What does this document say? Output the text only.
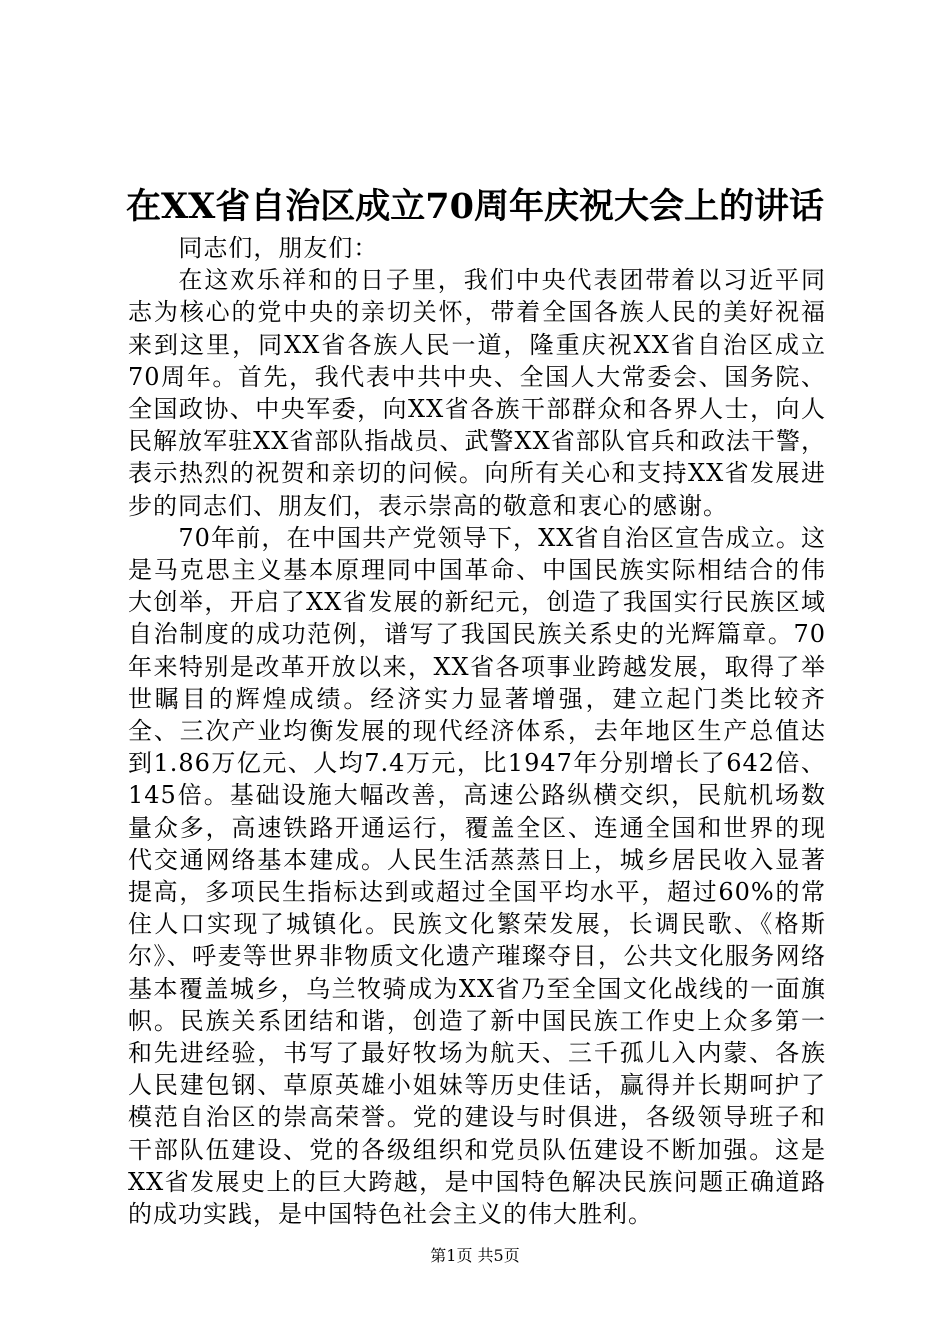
在XX省自治区成立70周年庆祝大会上的讲话

同志们，朋友们：

在这欢乐祥和的日子里，我们中央代表团带着以习近平同志为核心的党中央的亲切关怀，带着全国各族人民的美好祝福来到这里，同XX省各族人民一道，隆重庆祝XX省自治区成立70周年。首先，我代表中共中央、全国人大常委会、国务院、全国政协、中央军委，向XX省各族干部群众和各界人士，向人民解放军驻XX省部队指战员、武警XX省部队官兵和政法干警，表示热烈的祝贺和亲切的问候。向所有关心和支持XX省发展进步的同志们、朋友们，表示崇高的敬意和衷心的感谢。

70年前，在中国共产党领导下，XX省自治区宣告成立。这是马克思主义基本原理同中国革命、中国民族实际相结合的伟大创举，开启了XX省发展的新纪元，创造了我国实行民族区域自治制度的成功范例，谱写了我国民族关系史的光辉篇章。70年来特别是改革开放以来，XX省各项事业跨越发展，取得了举世瞩目的辉煌成绩。经济实力显著增强，建立起门类比较齐全、三次产业均衡发展的现代经济体系，去年地区生产总值达到1.86万亿元、人均7.4万元，比1947年分别增长了642倍、145倍。基础设施大幅改善，高速公路纵横交织，民航机场数量众多，高速铁路开通运行，覆盖全区、连通全国和世界的现代交通网络基本建成。人民生活蒸蒸日上，城乡居民收入显著提高，多项民生指标达到或超过全国平均水平，超过60%的常住人口实现了城镇化。民族文化繁荣发展，长调民歌、《格斯尔》、呼麦等世界非物质文化遗产璀璨夺目，公共文化服务网络基本覆盖城乡，乌兰牧骑成为XX省乃至全国文化战线的一面旗帜。民族关系团结和谐，创造了新中国民族工作史上众多第一和先进经验，书写了最好牧场为航天、三千孤儿入内蒙、各族人民建包钢、草原英雄小姐妹等历史佳话，赢得并长期呵护了模范自治区的崇高荣誉。党的建设与时俱进，各级领导班子和干部队伍建设、党的各级组织和党员队伍建设不断加强。这是XX省发展史上的巨大跨越，是中国特色解决民族问题正确道路的成功实践，是中国特色社会主义的伟大胜利。

第1页 共5页
